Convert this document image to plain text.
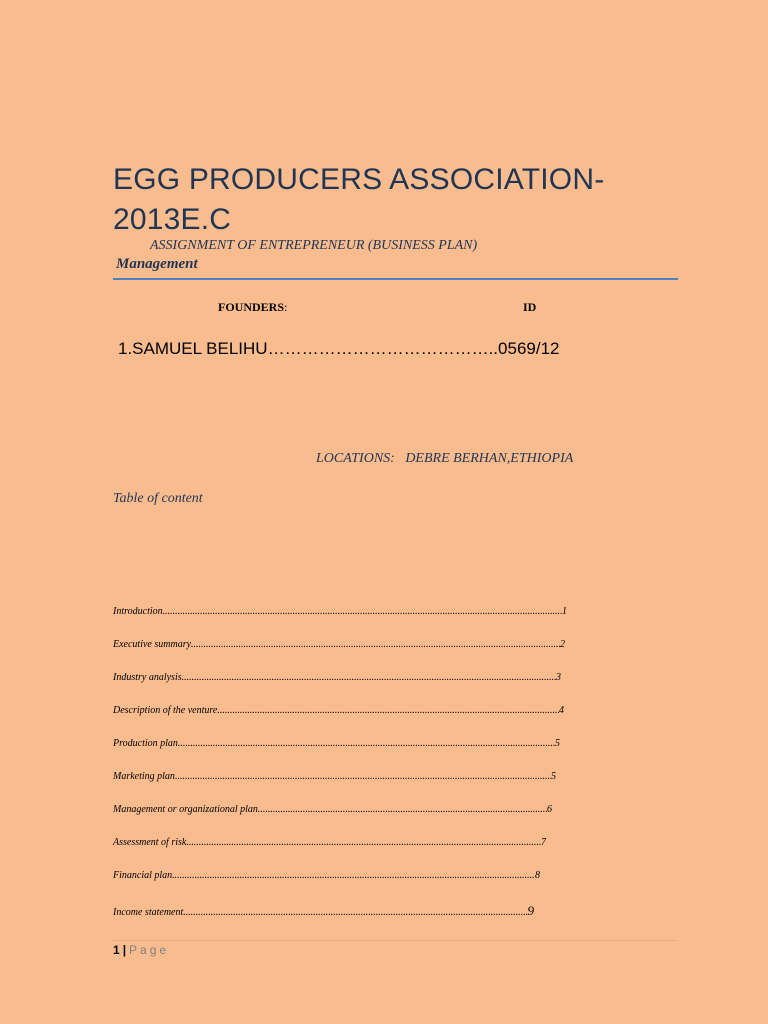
EGG PRODUCERS ASSOCIATION-2013E.C

ASSIGNMENT OF ENTREPRENEUR (BUSINESS PLAN)

Management

FOUNDERS:	ID
1.SAMUEL BELIHU…………………………………..0569/12
LOCATIONS:   DEBRE BERHAN,ETHIOPIA
Table of content
Introduction .....	1
Executive summary .....	2
Industry analysis .....	3
Description of the venture .....	4
Production plan .....	5
Marketing plan .....	5
Management or organizational plan .....	6
Assessment of risk .....	7
Financial plan .....	8
Income statement .....	9
1 | Page
